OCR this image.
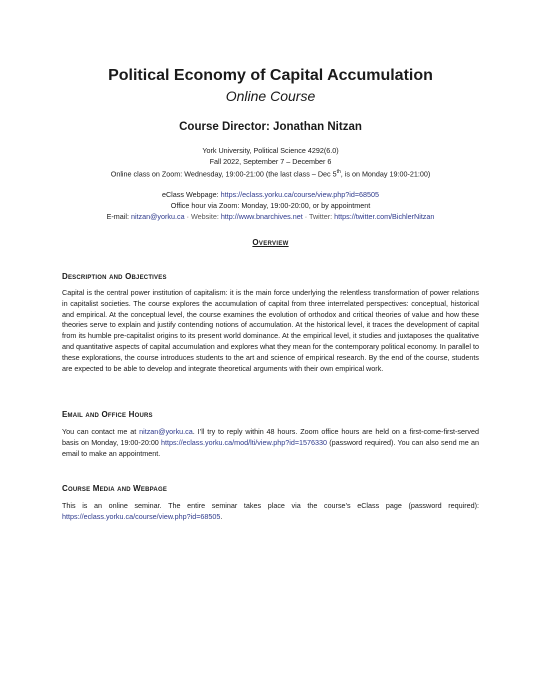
Political Economy of Capital Accumulation
Online Course
Course Director: Jonathan Nitzan
York University, Political Science 4292(6.0)
Fall 2022, September 7 – December 6
Online class on Zoom: Wednesday, 19:00-21:00 (the last class – Dec 5th, is on Monday 19:00-21:00)
eClass Webpage: https://eclass.yorku.ca/course/view.php?id=68505
Office hour via Zoom: Monday, 19:00-20:00, or by appointment
E-mail: nitzan@yorku.ca · Website: http://www.bnarchives.net · Twitter: https://twitter.com/BichlerNitzan
Overview
Description and Objectives
Capital is the central power institution of capitalism: it is the main force underlying the relentless transformation of power relations in capitalist societies. The course explores the accumulation of capital from three interrelated perspectives: conceptual, historical and empirical. At the conceptual level, the course examines the evolution of orthodox and critical theories of value and how these theories serve to explain and justify contending notions of accumulation. At the historical level, it traces the development of capital from its humble pre-capitalist origins to its present world dominance. At the empirical level, it studies and juxtaposes the qualitative and quantitative aspects of capital accumulation and explores what they mean for the contemporary political economy. In parallel to these explorations, the course introduces students to the art and science of empirical research. By the end of the course, students are expected to be able to develop and integrate theoretical arguments with their own empirical work.
Email and Office Hours
You can contact me at nitzan@yorku.ca. I’ll try to reply within 48 hours. Zoom office hours are held on a first-come-first-served basis on Monday, 19:00-20:00 https://eclass.yorku.ca/mod/lti/view.php?id=1576330 (password required). You can also send me an email to make an appointment.
Course Media and Webpage
This is an online seminar. The entire seminar takes place via the course’s eClass page (password required): https://eclass.yorku.ca/course/view.php?id=68505.
